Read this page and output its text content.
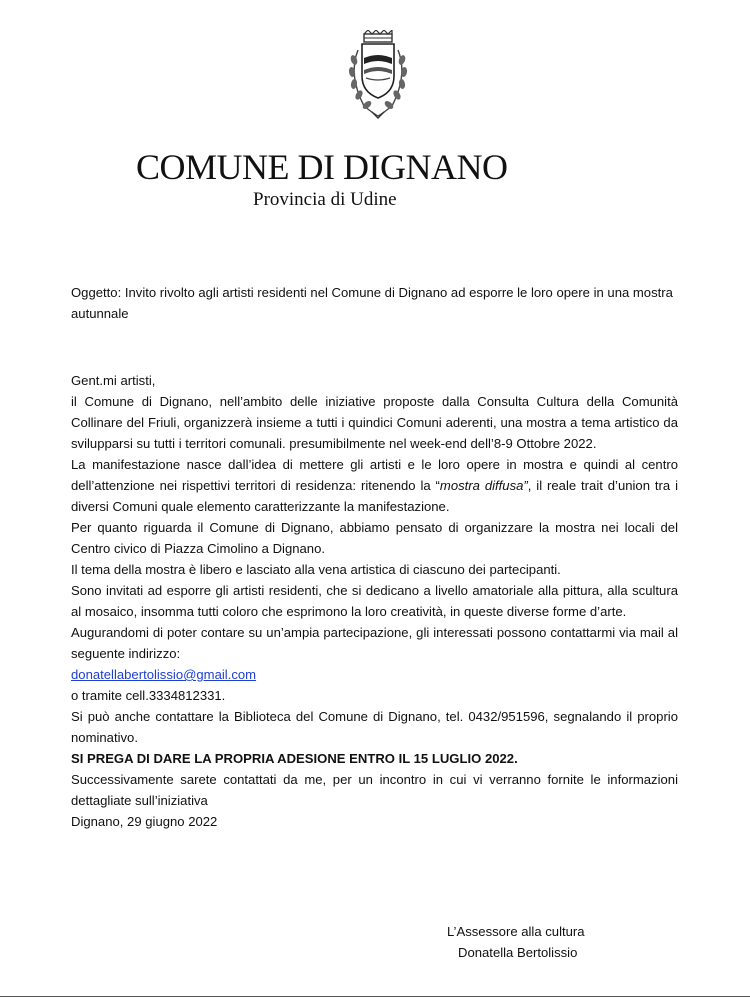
COMUNE DI DIGNANO
Provincia di Udine
Oggetto: Invito rivolto agli artisti residenti nel Comune di Dignano ad esporre le loro opere in una mostra autunnale

Gent.mi artisti,

il Comune di Dignano, nell’ambito delle iniziative proposte dalla Consulta Cultura della Comunità Collinare del Friuli, organizzerà insieme a tutti i quindici Comuni aderenti, una mostra a tema artistico da svilupparsi su tutti i territori comunali. presumibilmente nel week-end dell’8-9 Ottobre 2022.

La manifestazione nasce dall’idea di mettere gli artisti e le loro opere in mostra e quindi al centro dell’attenzione nei rispettivi territori di residenza: ritenendo la “mostra diffusa”, il reale trait d’union tra i diversi Comuni quale elemento caratterizzante la manifestazione.

Per quanto riguarda il Comune di Dignano, abbiamo pensato di organizzare la mostra nei locali del Centro civico di Piazza Cimolino a Dignano.

Il tema della mostra è libero e lasciato alla vena artistica di ciascuno dei partecipanti.

Sono invitati ad esporre gli artisti residenti, che si dedicano a livello amatoriale alla pittura, alla scultura al mosaico, insomma tutti coloro che esprimono la loro creatività, in queste diverse forme d’arte.

Augurandomi di poter contare su un’ampia partecipazione, gli interessati possono contattarmi via mail al seguente indirizzo:

donatellabertolissio@gmail.com

o tramite cell.3334812331.

Si può anche contattare la Biblioteca del Comune di Dignano, tel. 0432/951596, segnalando il proprio nominativo.

SI PREGA DI DARE LA PROPRIA ADESIONE ENTRO IL 15 LUGLIO 2022.

Successivamente sarete contattati da me, per un incontro in cui vi verranno fornite le informazioni dettagliate sull’iniziativa

Dignano, 29 giugno 2022

L’Assessore alla cultura
Donatella Bertolissio
